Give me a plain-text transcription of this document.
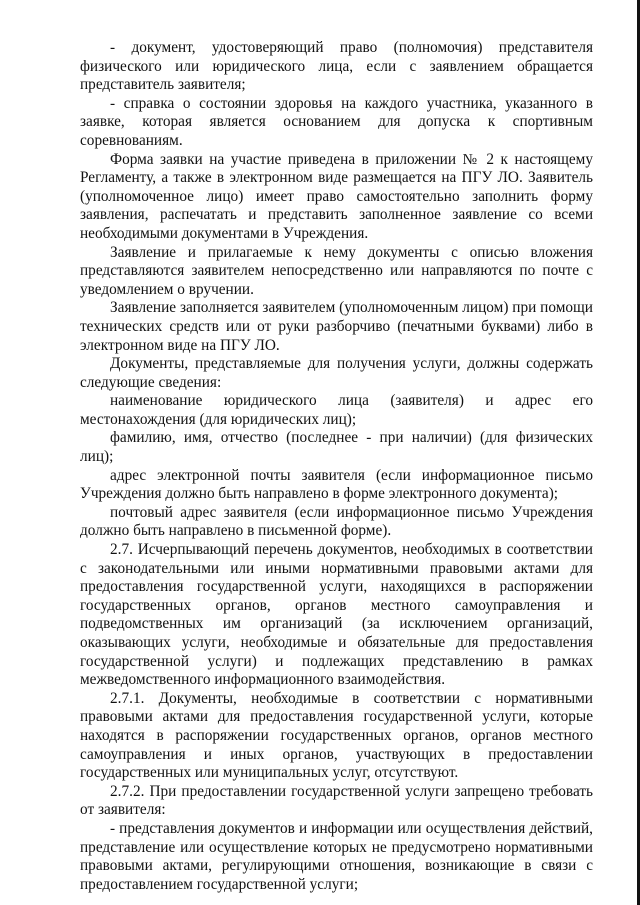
- документ, удостоверяющий право (полномочия) представителя физического или юридического лица, если с заявлением обращается представитель заявителя;

- справка о состоянии здоровья на каждого участника, указанного в заявке, которая является основанием для допуска к спортивным соревнованиям.

Форма заявки на участие приведена в приложении № 2 к настоящему Регламенту, а также в электронном виде размещается на ПГУ ЛО. Заявитель (уполномоченное лицо) имеет право самостоятельно заполнить форму заявления, распечатать и представить заполненное заявление со всеми необходимыми документами в Учреждения.

Заявление и прилагаемые к нему документы с описью вложения представляются заявителем непосредственно или направляются по почте с уведомлением о вручении.

Заявление заполняется заявителем (уполномоченным лицом) при помощи технических средств или от руки разборчиво (печатными буквами) либо в электронном виде на ПГУ ЛО.

Документы, представляемые для получения услуги, должны содержать следующие сведения:

наименование юридического лица (заявителя) и адрес его местонахождения (для юридических лиц);

фамилию, имя, отчество (последнее - при наличии) (для физических лиц);

адрес электронной почты заявителя (если информационное письмо Учреждения должно быть направлено в форме электронного документа);

почтовый адрес заявителя (если информационное письмо Учреждения должно быть направлено в письменной форме).

2.7. Исчерпывающий перечень документов, необходимых в соответствии с законодательными или иными нормативными правовыми актами для предоставления государственной услуги, находящихся в распоряжении государственных органов, органов местного самоуправления и подведомственных им организаций (за исключением организаций, оказывающих услуги, необходимые и обязательные для предоставления государственной услуги) и подлежащих представлению в рамках межведомственного информационного взаимодействия.

2.7.1. Документы, необходимые в соответствии с нормативными правовыми актами для предоставления государственной услуги, которые находятся в распоряжении государственных органов, органов местного самоуправления и иных органов, участвующих в предоставлении государственных или муниципальных услуг, отсутствуют.

2.7.2. При предоставлении государственной услуги запрещено требовать от заявителя:

- представления документов и информации или осуществления действий, представление или осуществление которых не предусмотрено нормативными правовыми актами, регулирующими отношения, возникающие в связи с предоставлением государственной услуги;
